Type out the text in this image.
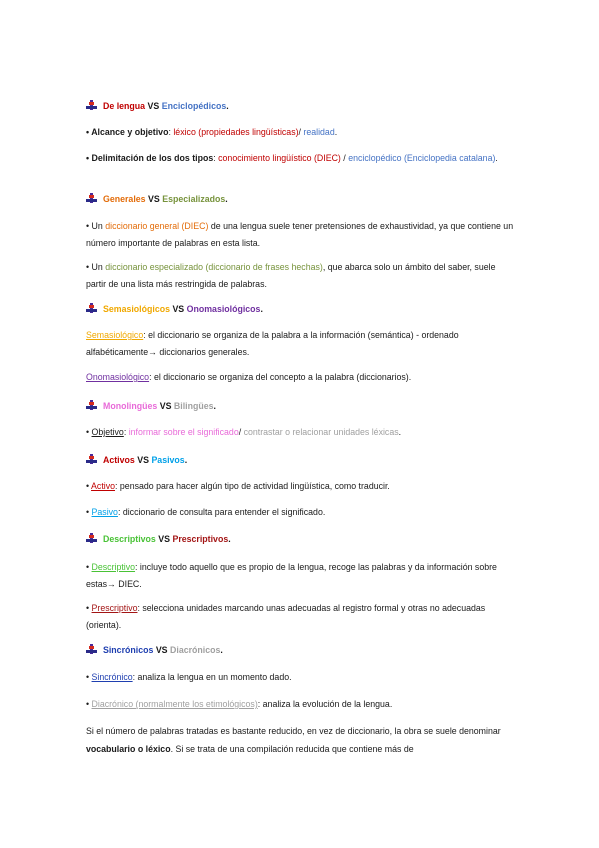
De lengua VS Enciclopédicos.
• Alcance y objetivo: léxico (propiedades lingüísticas)/ realidad.
• Delimitación de los dos tipos: conocimiento lingüístico (DIEC) / enciclopédico (Enciclopedia catalana).
Generales VS Especializados.
• Un diccionario general (DIEC) de una lengua suele tener pretensiones de exhaustividad, ya que contiene un número importante de palabras en esta lista.
• Un diccionario especializado (diccionario de frases hechas), que abarca solo un ámbito del saber, suele partir de una lista más restringida de palabras.
Semasiológicos VS Onomasiológicos.
Semasiológico: el diccionario se organiza de la palabra a la información (semántica) - ordenado alfabéticamente→ diccionarios generales.
Onomasiológico: el diccionario se organiza del concepto a la palabra (diccionarios).
Monolingües VS Bilingües.
• Objetivo: informar sobre el significado/ contrastar o relacionar unidades léxicas.
Activos VS Pasivos.
• Activo: pensado para hacer algún tipo de actividad lingüística, como traducir.
• Pasivo: diccionario de consulta para entender el significado.
Descriptivos VS Prescriptivos.
• Descriptivo: incluye todo aquello que es propio de la lengua, recoge las palabras y da información sobre estas→ DIEC.
• Prescriptivo: selecciona unidades marcando unas adecuadas al registro formal y otras no adecuadas (orienta).
Sincrónicos VS Diacrónicos.
• Sincrónico: analiza la lengua en un momento dado.
• Diacrónico (normalmente los etimológicos): analiza la evolución de la lengua.
Si el número de palabras tratadas es bastante reducido, en vez de diccionario, la obra se suele denominar vocabulario o léxico. Si se trata de una compilación reducida que contiene más de
